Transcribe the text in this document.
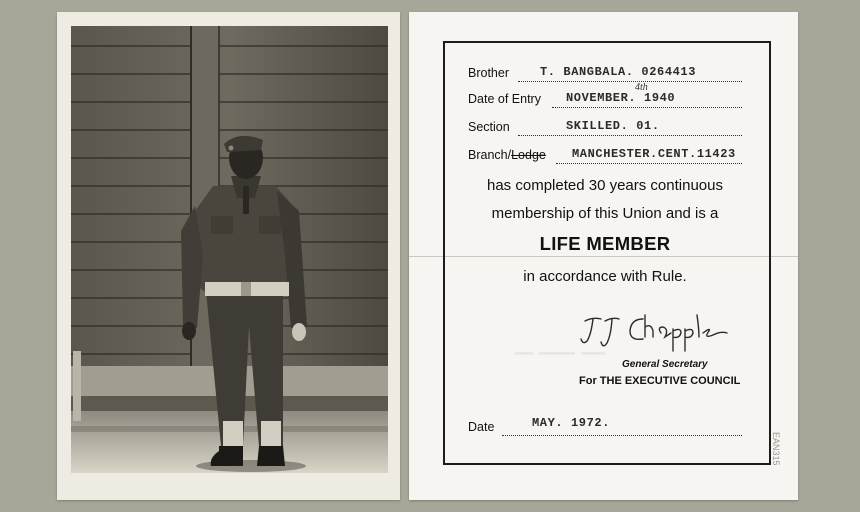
Brother	T. BANGBALA. 0264413
Date of Entry NOVEMBER. 1940
4th
Section	SKILLED. 01.
Branch/Lodge MANCHESTER.CENT.11423
has completed 30 years continuous
membership of this Union and is a
LIFE MEMBER
in accordance with Rule.
▬▬▬ ▬▬▬▬▬▬ ▬▬▬▬
General Secretary
For THE EXECUTIVE COUNCIL
Date	MAY. 1972.
EAN315
